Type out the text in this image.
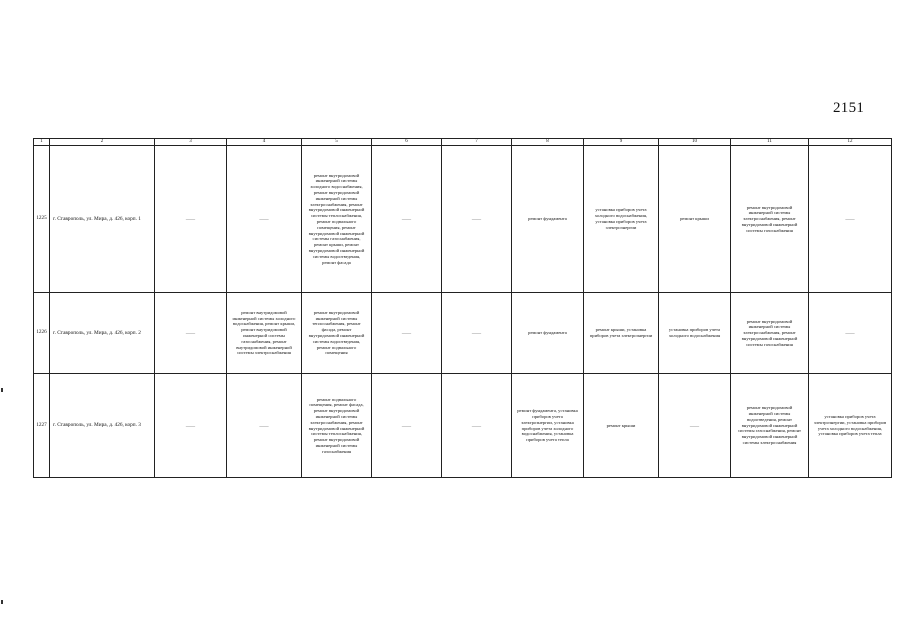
2151
1	2	3	4	5	6	7	8	9	10	11	12
1225	г. Ставрополь, ул. Мира, д. 426, корп. 1	——	——	ремонт внутридомовой инженерной системы холодного водоснабжения, ремонт внутридомовой инженерной системы электроснабжения, ремонт внутридомовой инженерной системы теплоснабжения, ремонт подвального помещения, ремонт внутридомовой инженерной системы газоснабжения, ремонт крыши, ремонт внутридомовой инженерной системы водоотведения, ремонт фасада	——	——	ремонт фундамента	установка приборов учета холодного водоснабжения, установка приборов учета электроэнергии	ремонт крыши	ремонт внутридомовой инженерной системы электроснабжения, ремонт внутридомовой инженерной системы газоснабжения	——
1226	г. Ставрополь, ул. Мира, д. 426, корп. 2	——	ремонт внутридомовой инженерной системы холодного водоснабжения, ремонт крыши, ремонт внутридомовой инженерной системы газоснабжения, ремонт внутридомовой инженерной системы электроснабжения	ремонт внутридомовой инженерной системы теплоснабжения, ремонт фасада, ремонт внутридомовой инженерной системы водоотведения, ремонт подвального помещения	——	——	ремонт фундамента	ремонт крыши, установка приборов учета электроэнергии	установка приборов учета холодного водоснабжения	ремонт внутридомовой инженерной системы электроснабжения, ремонт внутридомовой инженерной системы газоснабжения	——
1227	г. Ставрополь, ул. Мира, д. 426, корп. 3	——	——	ремонт подвального помещения, ремонт фасада, ремонт внутридомовой инженерной системы электроснабжения, ремонт внутридомовой инженерной системы теплоснабжения, ремонт внутридомовой инженерной системы газоснабжения	——	——	ремонт фундамента, установка приборов учета электроэнергии, установка приборов учета холодного водоснабжения, установка приборов учета тепла	ремонт крыши	——	ремонт внутридомовой инженерной системы водоотведения, ремонт внутридомовой инженерной системы газоснабжения, ремонт внутридомовой инженерной системы электроснабжения	установка приборов учета электроэнергии, установка приборов учета холодного водоснабжения, установка приборов учета тепла
